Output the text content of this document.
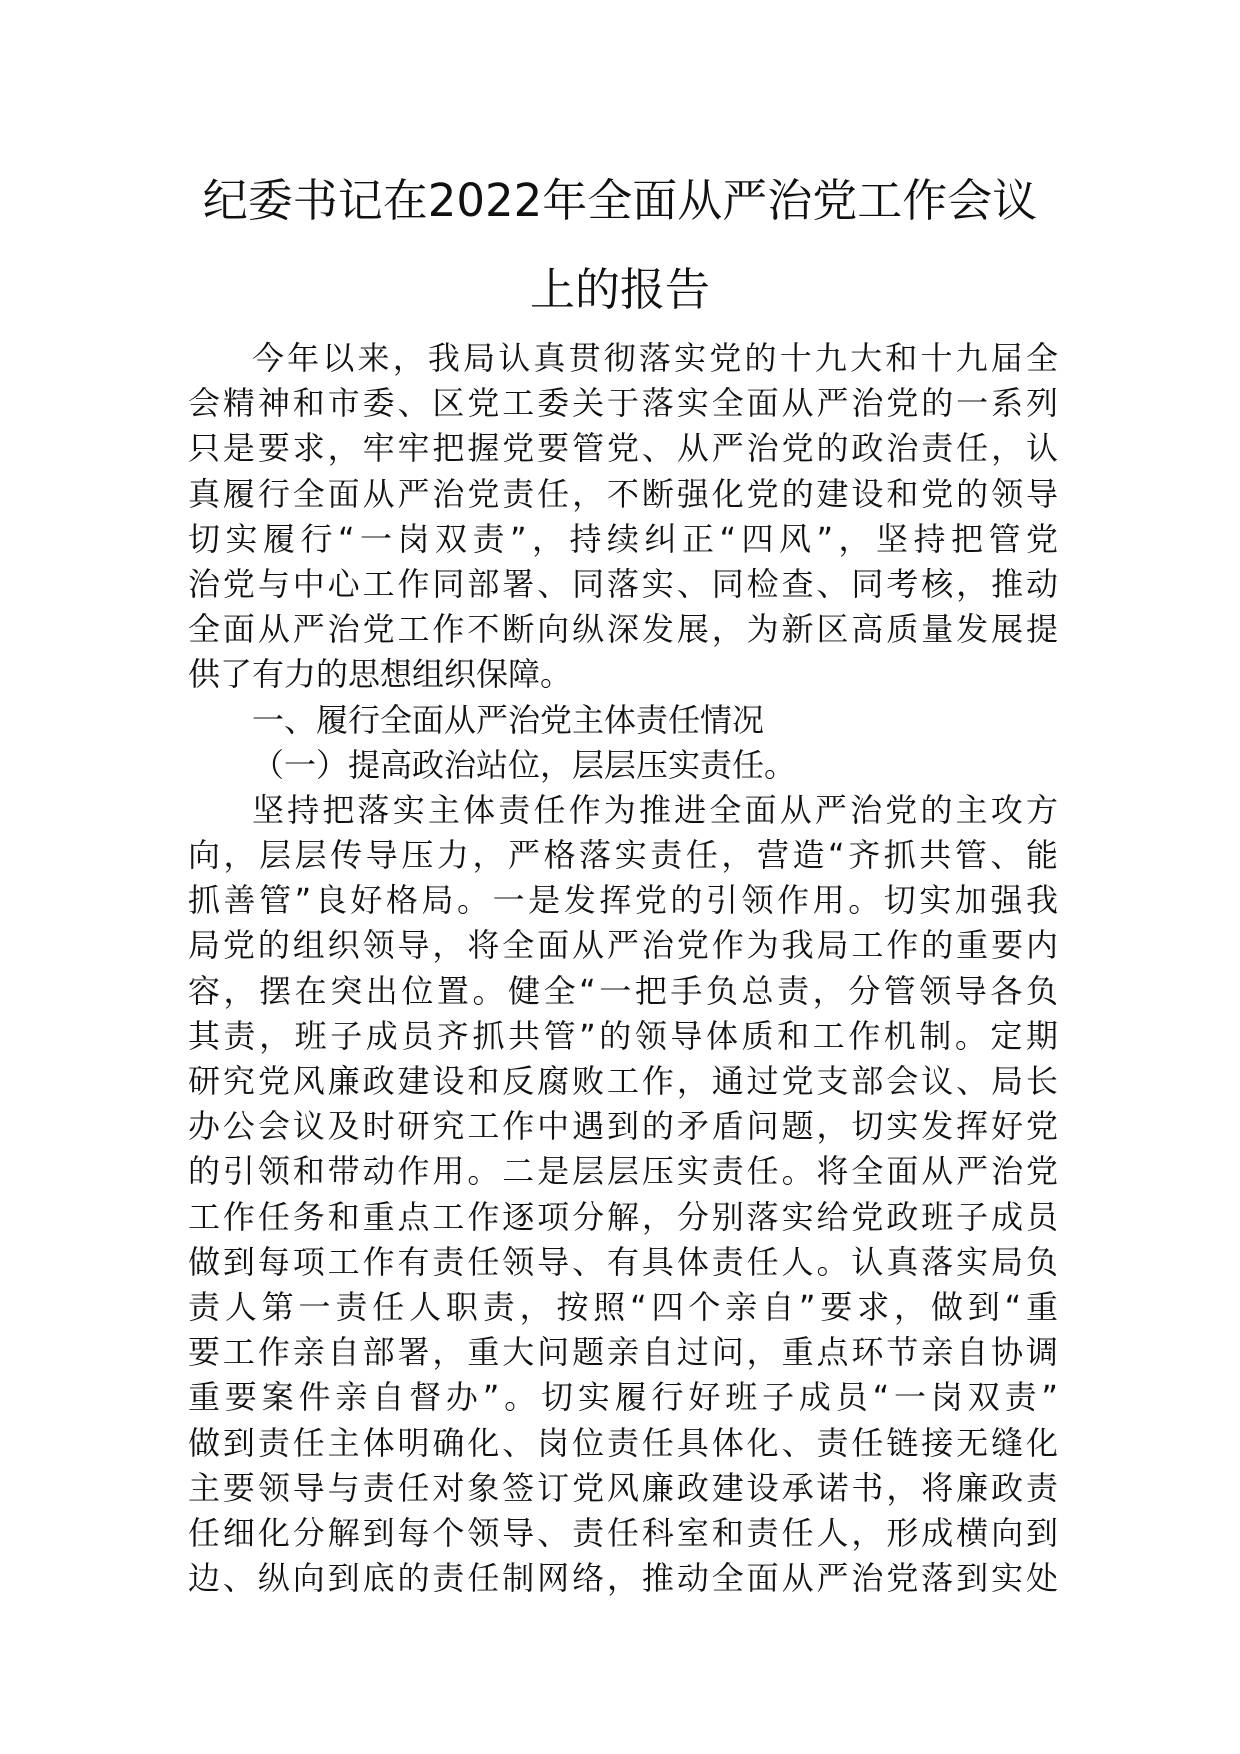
纪委书记在2022年全面从严治党工作会议
上的报告
今年以来，我局认真贯彻落实党的十九大和十九届全
会精神和市委、区党工委关于落实全面从严治党的一系列
只是要求，牢牢把握党要管党、从严治党的政治责任，认
真履行全面从严治党责任，不断强化党的建设和党的领导
切实履行“一岗双责”，持续纠正“四风”，坚持把管党
治党与中心工作同部署、同落实、同检查、同考核，推动
全面从严治党工作不断向纵深发展，为新区高质量发展提
供了有力的思想组织保障。
一、履行全面从严治党主体责任情况
（一）提高政治站位，层层压实责任。
坚持把落实主体责任作为推进全面从严治党的主攻方
向，层层传导压力，严格落实责任，营造“齐抓共管、能
抓善管”良好格局。一是发挥党的引领作用。切实加强我
局党的组织领导，将全面从严治党作为我局工作的重要内
容，摆在突出位置。健全“一把手负总责，分管领导各负
其责，班子成员齐抓共管”的领导体质和工作机制。定期
研究党风廉政建设和反腐败工作，通过党支部会议、局长
办公会议及时研究工作中遇到的矛盾问题，切实发挥好党
的引领和带动作用。二是层层压实责任。将全面从严治党
工作任务和重点工作逐项分解，分别落实给党政班子成员
做到每项工作有责任领导、有具体责任人。认真落实局负
责人第一责任人职责，按照“四个亲自”要求，做到“重
要工作亲自部署，重大问题亲自过问，重点环节亲自协调
重要案件亲自督办”。切实履行好班子成员“一岗双责”
做到责任主体明确化、岗位责任具体化、责任链接无缝化
主要领导与责任对象签订党风廉政建设承诺书，将廉政责
任细化分解到每个领导、责任科室和责任人，形成横向到
边、纵向到底的责任制网络，推动全面从严治党落到实处
